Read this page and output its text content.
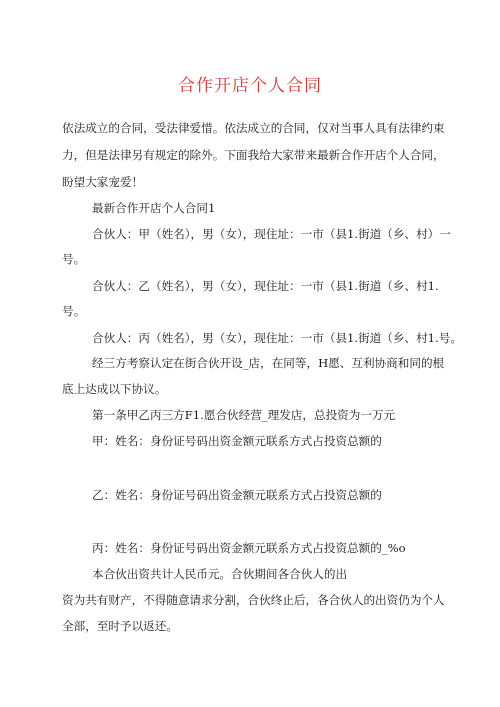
合作开店个人合同
依法成立的合同，受法律爱惜。依法成立的合同，仅对当事人具有法律约束
力，但是法律另有规定的除外。下面我给大家带来最新合作开店个人合同，
盼望大家宠爱！
最新合作开店个人合同1
合伙人：甲（姓名），男（女），现住址：一市（县1.街道（乡、村）一
号。
合伙人：乙（姓名），男（女），现住址：一市（县1.街道（乡、村1.
号。
合伙人：丙（姓名），男（女），现住址：一市（县1.街道（乡、村1.号。
经三方考察认定在街合伙开设_店，在同等，H愿、互利协商和同的根
底上达成以下协议。
第一条甲乙丙三方F1.愿合伙经营_理发店，总投资为一万元
甲：姓名：身份证号码出资金额元联系方式占投资总额的
乙：姓名：身份证号码出资金额元联系方式占投资总额的
丙：姓名：身份证号码出资金额元联系方式占投资总额的_%o
本合伙出资共计人民币元。合伙期间各合伙人的出
资为共有财产，不得随意请求分割，合伙终止后，各合伙人的出资仍为个人
全部，至时予以返还。
